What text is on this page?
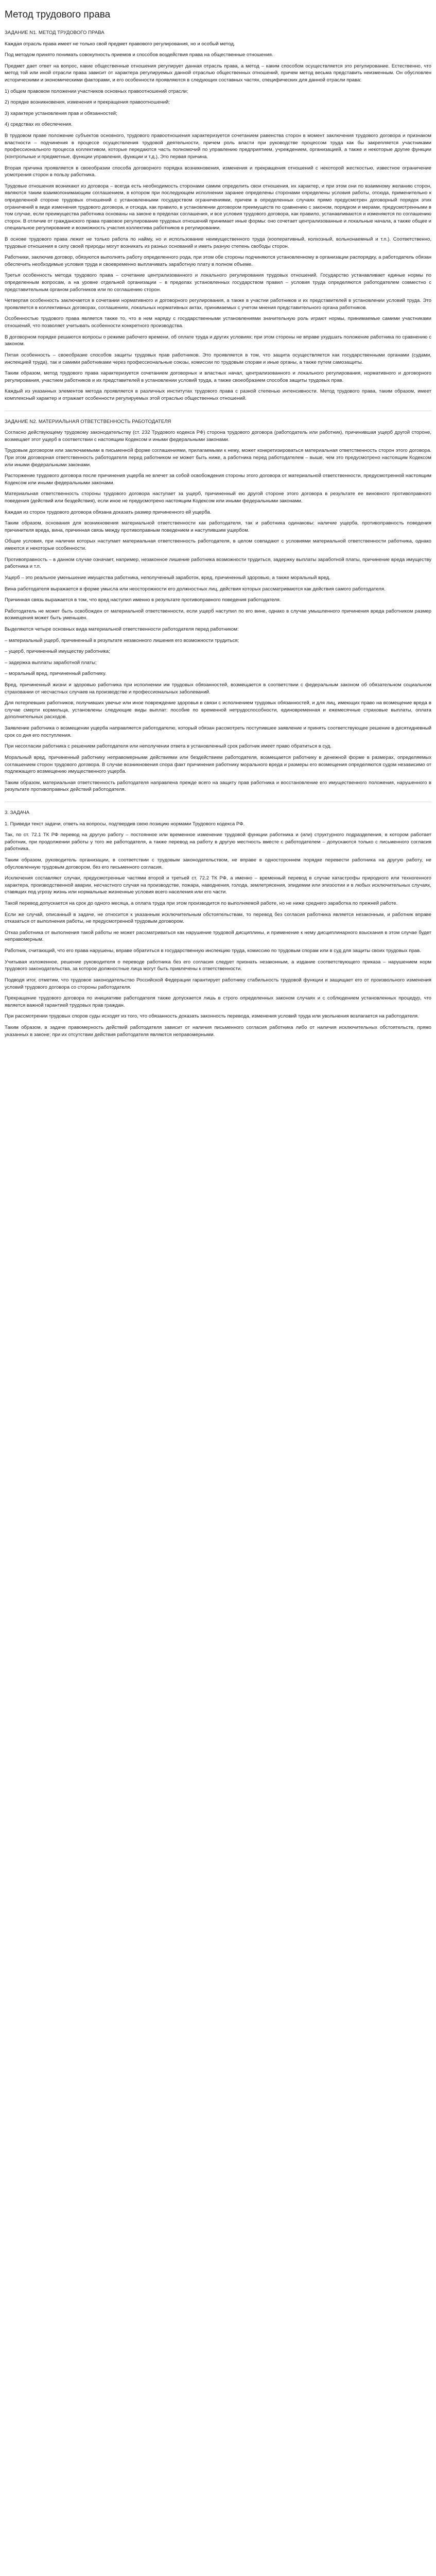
Метод трудового права
ЗАДАНИЕ N1. МЕТОД ТРУДОВОГО ПРАВА

Каждая отрасль права имеет не только свой предмет правового регулирования, но и особый метод.

Под методом принято понимать совокупность приемов и способов воздействия права на общественные отношения.

Предмет дает ответ на вопрос, какие общественные отношения регулирует данная отрасль права, а метод – каким способом осуществляется это регулирование. Естественно, что метод той или иной отрасли права зависит от характера регулируемых данной отраслью общественных отношений, причем метод весьма представить неизменным. Он обусловлен историческими и экономическими факторами, и его особенности проявляются в следующих составных частях, специфических для данной отрасли права:

1) общем правовом положении участников основных правоотношений отрасли;

2) порядке возникновения, изменения и прекращения правоотношений;

3) характере установления прав и обязанностей;

4) средствах их обеспечения.

В трудовом праве положение субъектов основного, трудового правоотношения характеризуется сочетанием равенства сторон в момент заключения трудового договора и признаком властности – подчинения в процессе осуществления трудовой деятельности, причем роль власти при руководстве процессом труда как бы закрепляется участниками профессионального процесса коллективом, которые передаются часть полномочий по управлению предприятием, учреждением, организацией, а также и некоторые другие функции (контрольные и предметные, функции управления, функции и т.д.). Это первая причина.

Вторая причина проявляется в своеобразии способа договорного порядка возникновения, изменения и прекращения отношений с некоторой жесткостью, известное ограничение усмотрения сторон в пользу работника.

Трудовые отношения возникают из договора – всегда есть необходимость сторонами самим определить свои отношения, их характер, и при этом они по взаимному желанию сторон, являются таким взаимопонимающим соглашением, в котором при последующем исполнении заранее определены сторонами определены условия работы, отсюда, применительно к определенной стороне трудовых отношений с установленными государством ограничениями, причем в определенных случаях прямо предусмотрен договорный порядок этих ограничений в виде изменения трудового договора, и отсюда, как правило, в установлении договором преимуществ по сравнению с законом, порядком и мерами, предусмотренными в том случае, если преимущества работника основаны на законе в пределах соглашения, и все условия трудового договора, как правило, устанавливаются и изменяются по соглашению сторон. В отличие от гражданского права правовое регулирование трудовых отношений принимает иные формы: оно сочетает централизованные и локальные начала, а также общее и специальное регулирование и возможность участия коллектива работников в регулировании.

В основе трудового права лежит не только работа по найму, но и использование неимущественного труда (кооперативный, колхозный, вольнонаемный и т.п.). Соответственно, трудовые отношения в силу своей природы могут возникать из разных оснований и иметь разную степень свободы сторон.

Работники, заключив договор, обязуются выполнять работу определенного рода, при этом обе стороны подчиняются установленному в организации распорядку, а работодатель обязан обеспечить необходимые условия труда и своевременно выплачивать заработную плату в полном объеме.

Третья особенность метода трудового права – сочетание централизованного и локального регулирования трудовых отношений. Государство устанавливает единые нормы по определенным вопросам, а на уровне отдельной организации – в пределах установленных государством правил – условия труда определяются работодателем совместно с представительным органом работников или по соглашению сторон.

Четвертая особенность заключается в сочетании нормативного и договорного регулирования, а также в участии работников и их представителей в установлении условий труда. Это проявляется в коллективных договорах, соглашениях, локальных нормативных актах, принимаемых с учетом мнения представительного органа работников.

Особенностью трудового права является также то, что в нем наряду с государственными установлениями значительную роль играют нормы, принимаемые самими участниками отношений, что позволяет учитывать особенности конкретного производства.

В договорном порядке решаются вопросы о режиме рабочего времени, об оплате труда и других условиях; при этом стороны не вправе ухудшать положение работника по сравнению с законом.

Пятая особенность – своеобразие способов защиты трудовых прав работников. Это проявляется в том, что защита осуществляется как государственными органами (судами, инспекцией труда), так и самими работниками через профессиональные союзы, комиссии по трудовым спорам и иные органы, а также путем самозащиты.

Таким образом, метод трудового права характеризуется сочетанием договорных и властных начал, централизованного и локального регулирования, нормативного и договорного регулирования, участием работников и их представителей в установлении условий труда, а также своеобразием способов защиты трудовых прав.

Каждый из указанных элементов метода проявляется в различных институтах трудового права с разной степенью интенсивности. Метод трудового права, таким образом, имеет комплексный характер и отражает особенности регулируемых этой отраслью общественных отношений.

ЗАДАНИЕ N2. МАТЕРИАЛЬНАЯ ОТВЕТСТВЕННОСТЬ РАБОТОДАТЕЛЯ

Согласно действующему трудовому законодательству (ст. 232 Трудового кодекса РФ) сторона трудового договора (работодатель или работник), причинившая ущерб другой стороне, возмещает этот ущерб в соответствии с настоящим Кодексом и иными федеральными законами.

Трудовым договором или заключаемыми в письменной форме соглашениями, прилагаемыми к нему, может конкретизироваться материальная ответственность сторон этого договора. При этом договорная ответственность работодателя перед работником не может быть ниже, а работника перед работодателем – выше, чем это предусмотрено настоящим Кодексом или иными федеральными законами.

Расторжение трудового договора после причинения ущерба не влечет за собой освобождения стороны этого договора от материальной ответственности, предусмотренной настоящим Кодексом или иными федеральными законами.

Материальная ответственность стороны трудового договора наступает за ущерб, причиненный ею другой стороне этого договора в результате ее виновного противоправного поведения (действий или бездействия), если иное не предусмотрено настоящим Кодексом или иными федеральными законами.

Каждая из сторон трудового договора обязана доказать размер причиненного ей ущерба.

Таким образом, основания для возникновения материальной ответственности как работодателя, так и работника одинаковы: наличие ущерба, противоправность поведения причинителя вреда, вина, причинная связь между противоправным поведением и наступившим ущербом.

Общие условия, при наличии которых наступает материальная ответственность работодателя, в целом совпадают с условиями материальной ответственности работника, однако имеются и некоторые особенности.

Противоправность – в данном случае означает, например, незаконное лишение работника возможности трудиться, задержку выплаты заработной платы, причинение вреда имуществу работника и т.п.

Ущерб – это реальное уменьшение имущества работника, неполученный заработок, вред, причиненный здоровью, а также моральный вред.

Вина работодателя выражается в форме умысла или неосторожности его должностных лиц, действия которых рассматриваются как действия самого работодателя.

Причинная связь выражается в том, что вред наступил именно в результате противоправного поведения работодателя.

Работодатель не может быть освобожден от материальной ответственности, если ущерб наступил по его вине, однако в случае умышленного причинения вреда работником размер возмещения может быть уменьшен.

Выделяются четыре основных вида материальной ответственности работодателя перед работником:

– материальный ущерб, причиненный в результате незаконного лишения его возможности трудиться;

– ущерб, причиненный имуществу работника;

– задержка выплаты заработной платы;

– моральный вред, причиненный работнику.

Вред, причиненный жизни и здоровью работника при исполнении им трудовых обязанностей, возмещается в соответствии с федеральным законом об обязательном социальном страховании от несчастных случаев на производстве и профессиональных заболеваний.

Для потерпевших работников, получивших увечье или иное повреждение здоровья в связи с исполнением трудовых обязанностей, и для лиц, имеющих право на возмещение вреда в случае смерти кормильца, установлены следующие виды выплат: пособие по временной нетрудоспособности, единовременная и ежемесячные страховые выплаты, оплата дополнительных расходов.

Заявление работника о возмещении ущерба направляется работодателю, который обязан рассмотреть поступившее заявление и принять соответствующее решение в десятидневный срок со дня его поступления.

При несогласии работника с решением работодателя или неполучении ответа в установленный срок работник имеет право обратиться в суд.

Моральный вред, причиненный работнику неправомерными действиями или бездействием работодателя, возмещается работнику в денежной форме в размерах, определяемых соглашением сторон трудового договора. В случае возникновения спора факт причинения работнику морального вреда и размеры его возмещения определяются судом независимо от подлежащего возмещению имущественного ущерба.

Таким образом, материальная ответственность работодателя направлена прежде всего на защиту прав работника и восстановление его имущественного положения, нарушенного в результате противоправных действий работодателя.

3. ЗАДАЧА

1. Приведи текст задачи, ответь на вопросы, подтвердив свою позицию нормами Трудового кодекса РФ.

Так, по ст. 72.1 ТК РФ перевод на другую работу – постоянное или временное изменение трудовой функции работника и (или) структурного подразделения, в котором работает работник, при продолжении работы у того же работодателя, а также перевод на работу в другую местность вместе с работодателем – допускаются только с письменного согласия работника.

Таким образом, руководитель организации, в соответствии с трудовым законодательством, не вправе в одностороннем порядке перевести работника на другую работу, не обусловленную трудовым договором, без его письменного согласия.

Исключения составляют случаи, предусмотренные частями второй и третьей ст. 72.2 ТК РФ, а именно – временный перевод в случае катастрофы природного или техногенного характера, производственной аварии, несчастного случая на производстве, пожара, наводнения, голода, землетрясения, эпидемии или эпизоотии и в любых исключительных случаях, ставящих под угрозу жизнь или нормальные жизненные условия всего населения или его части.

Такой перевод допускается на срок до одного месяца, а оплата труда при этом производится по выполняемой работе, но не ниже среднего заработка по прежней работе.

Если же случай, описанный в задаче, не относится к указанным исключительным обстоятельствам, то перевод без согласия работника является незаконным, и работник вправе отказаться от выполнения работы, не предусмотренной трудовым договором.

Отказ работника от выполнения такой работы не может рассматриваться как нарушение трудовой дисциплины, и применение к нему дисциплинарного взыскания в этом случае будет неправомерным.

Работник, считающий, что его права нарушены, вправе обратиться в государственную инспекцию труда, комиссию по трудовым спорам или в суд для защиты своих трудовых прав.

Учитывая изложенное, решение руководителя о переводе работника без его согласия следует признать незаконным, а издание соответствующего приказа – нарушением норм трудового законодательства, за которое должностные лица могут быть привлечены к ответственности.

Подводя итог, отметим, что трудовое законодательство Российской Федерации гарантирует работнику стабильность трудовой функции и защищает его от произвольного изменения условий трудового договора со стороны работодателя.

Прекращение трудового договора по инициативе работодателя также допускается лишь в строго определенных законом случаях и с соблюдением установленных процедур, что является важной гарантией трудовых прав граждан.

При рассмотрении трудовых споров суды исходят из того, что обязанность доказать законность перевода, изменения условий труда или увольнения возлагается на работодателя.

Таким образом, в задаче правомерность действий работодателя зависит от наличия письменного согласия работника либо от наличия исключительных обстоятельств, прямо указанных в законе; при их отсутствии действия работодателя являются неправомерными.
